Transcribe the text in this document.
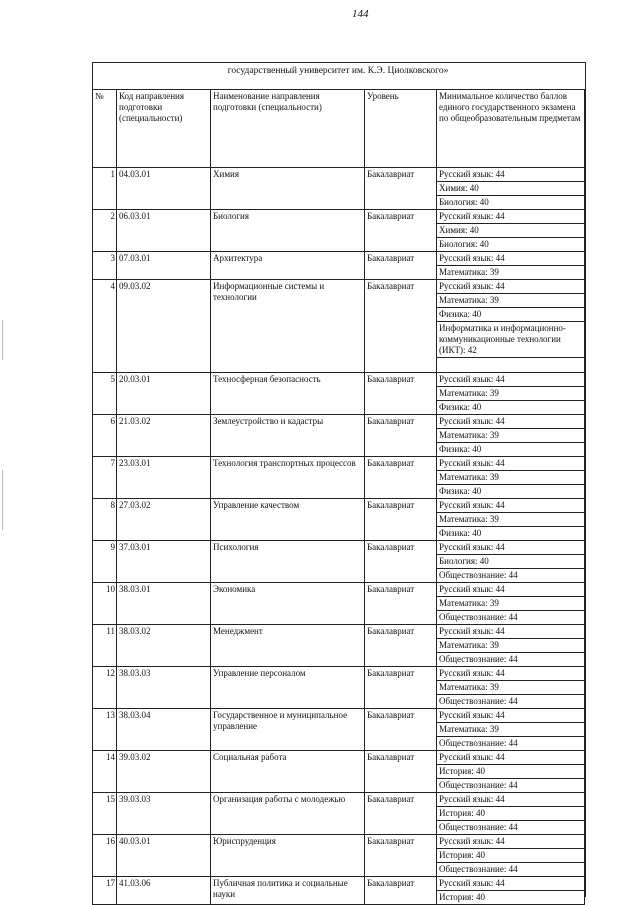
144
государственный университет им. К.Э. Циолковского»
№	Код направления подготовки (специальности)	Наименование направления подготовки (специальности)	Уровень	Минимальное количество баллов единого государственного экзамена по общеобразовательным предметам
1	04.03.01	Химия	Бакалавриат	Русский язык: 44
Химия: 40
Биология: 40

2	06.03.01	Биология	Бакалавриат	Русский язык: 44
Химия: 40
Биология: 40

3	07.03.01	Архитектура	Бакалавриат	Русский язык: 44
Математика: 39

4	09.03.02	Информационные системы и технологии	Бакалавриат	Русский язык: 44
Математика: 39
Физика: 40
Информатика и информационно-коммуникационные технологии (ИКТ): 42

5	20.03.01	Техносферная безопасность	Бакалавриат	Русский язык: 44
Математика: 39
Физика: 40

6	21.03.02	Землеустройство и кадастры	Бакалавриат	Русский язык: 44
Математика: 39
Физика: 40

7	23.03.01	Технология транспортных процессов	Бакалавриат	Русский язык: 44
Математика: 39
Физика: 40

8	27.03.02	Управление качеством	Бакалавриат	Русский язык: 44
Математика: 39
Физика: 40

9	37.03.01	Психология	Бакалавриат	Русский язык: 44
Биология: 40
Обществознание: 44

10	38.03.01	Экономика	Бакалавриат	Русский язык: 44
Математика: 39
Обществознание: 44

11	38.03.02	Менеджмент	Бакалавриат	Русский язык: 44
Математика: 39
Обществознание: 44

12	38.03.03	Управление персоналом	Бакалавриат	Русский язык: 44
Математика: 39
Обществознание: 44

13	38.03.04	Государственное и муниципальное управление	Бакалавриат	Русский язык: 44
Математика: 39
Обществознание: 44

14	39.03.02	Социальная работа	Бакалавриат	Русский язык: 44
История: 40
Обществознание: 44

15	39.03.03	Организация работы с молодежью	Бакалавриат	Русский язык: 44
История: 40
Обществознание: 44

16	40.03.01	Юриспруденция	Бакалавриат	Русский язык: 44
История: 40
Обществознание: 44

17	41.03.06	Публичная политика и социальные науки	Бакалавриат	Русский язык: 44
История: 40
